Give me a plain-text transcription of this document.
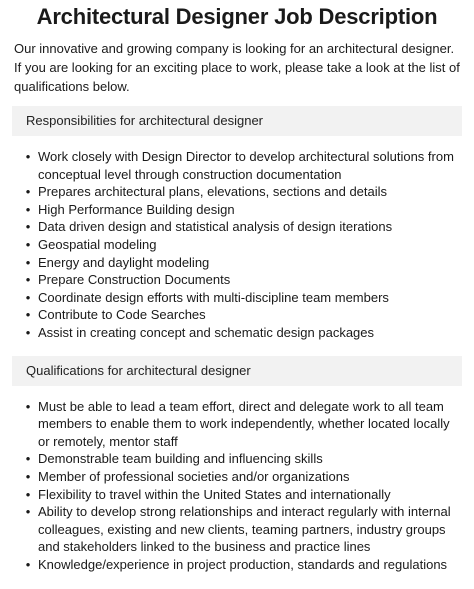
Architectural Designer Job Description

Our innovative and growing company is looking for an architectural designer. If you are looking for an exciting place to work, please take a look at the list of qualifications below.

Responsibilities for architectural designer
• Work closely with Design Director to develop architectural solutions from conceptual level through construction documentation
• Prepares architectural plans, elevations, sections and details
• High Performance Building design
• Data driven design and statistical analysis of design iterations
• Geospatial modeling
• Energy and daylight modeling
• Prepare Construction Documents
• Coordinate design efforts with multi-discipline team members
• Contribute to Code Searches
• Assist in creating concept and schematic design packages
Qualifications for architectural designer
• Must be able to lead a team effort, direct and delegate work to all team members to enable them to work independently, whether located locally or remotely, mentor staff
• Demonstrable team building and influencing skills
• Member of professional societies and/or organizations
• Flexibility to travel within the United States and internationally
• Ability to develop strong relationships and interact regularly with internal colleagues, existing and new clients, teaming partners, industry groups and stakeholders linked to the business and practice lines
• Knowledge/experience in project production, standards and regulations
